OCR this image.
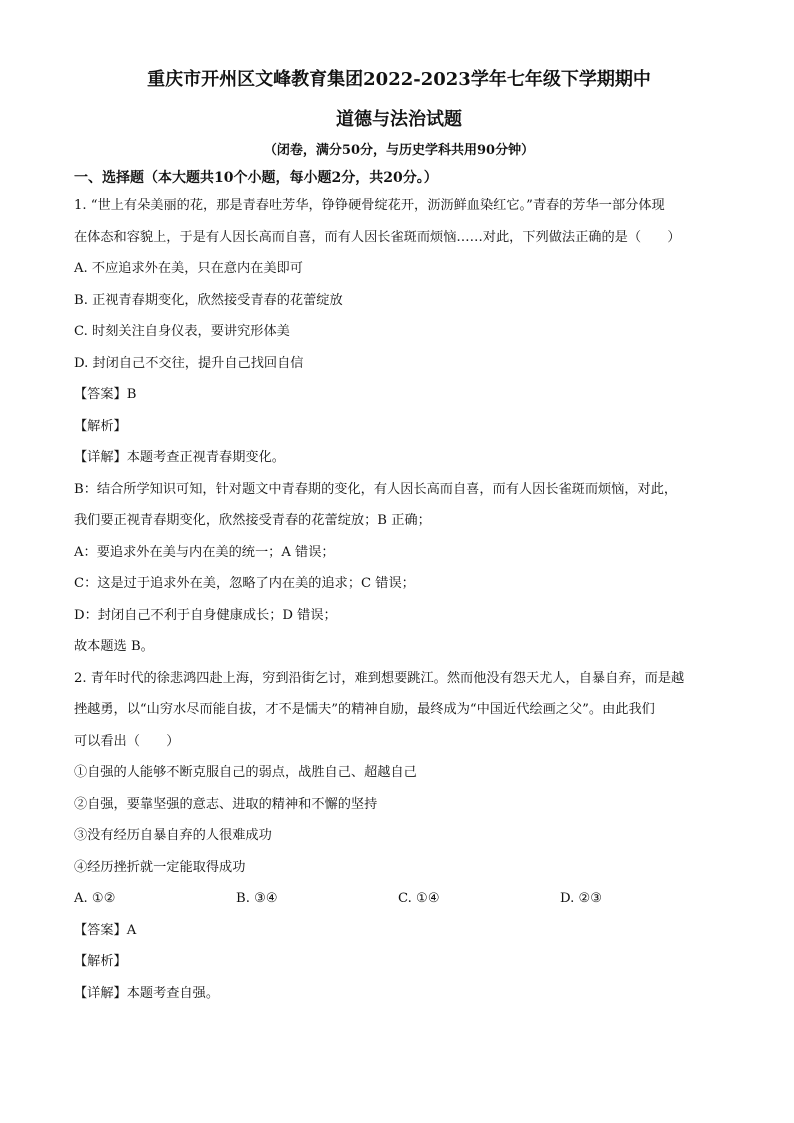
重庆市开州区文峰教育集团2022-2023学年七年级下学期期中

道德与法治试题

（闭卷，满分50分，与历史学科共用90分钟）

一、选择题（本大题共10个小题，每小题2分，共20分。）

1. “世上有朵美丽的花，那是青春吐芳华，铮铮硬骨绽花开，沥沥鲜血染红它。”青春的芳华一部分体现

在体态和容貌上，于是有人因长高而自喜，而有人因长雀斑而烦恼……对此，下列做法正确的是（　　）

A. 不应追求外在美，只在意内在美即可

B. 正视青春期变化，欣然接受青春的花蕾绽放

C. 时刻关注自身仪表，要讲究形体美

D. 封闭自己不交往，提升自己找回自信

【答案】B

【解析】

【详解】本题考查正视青春期变化。

B：结合所学知识可知，针对题文中青春期的变化，有人因长高而自喜，而有人因长雀斑而烦恼，对此，

我们要正视青春期变化，欣然接受青春的花蕾绽放；B 正确；

A：要追求外在美与内在美的统一；A 错误；

C：这是过于追求外在美，忽略了内在美的追求；C 错误；

D：封闭自己不利于自身健康成长；D 错误；

故本题选 B。

2. 青年时代的徐悲鸿四赴上海，穷到沿街乞讨，难到想要跳江。然而他没有怨天尤人，自暴自弃，而是越

挫越勇，以“山穷水尽而能自拔，才不是懦夫”的精神自励，最终成为“中国近代绘画之父”。由此我们

可以看出（　　）

①自强的人能够不断克服自己的弱点，战胜自己、超越自己

②自强，要靠坚强的意志、进取的精神和不懈的坚持

③没有经历自暴自弃的人很难成功

④经历挫折就一定能取得成功

A. ①②	B. ③④	C. ①④	D. ②③

【答案】A

【解析】

【详解】本题考查自强。
